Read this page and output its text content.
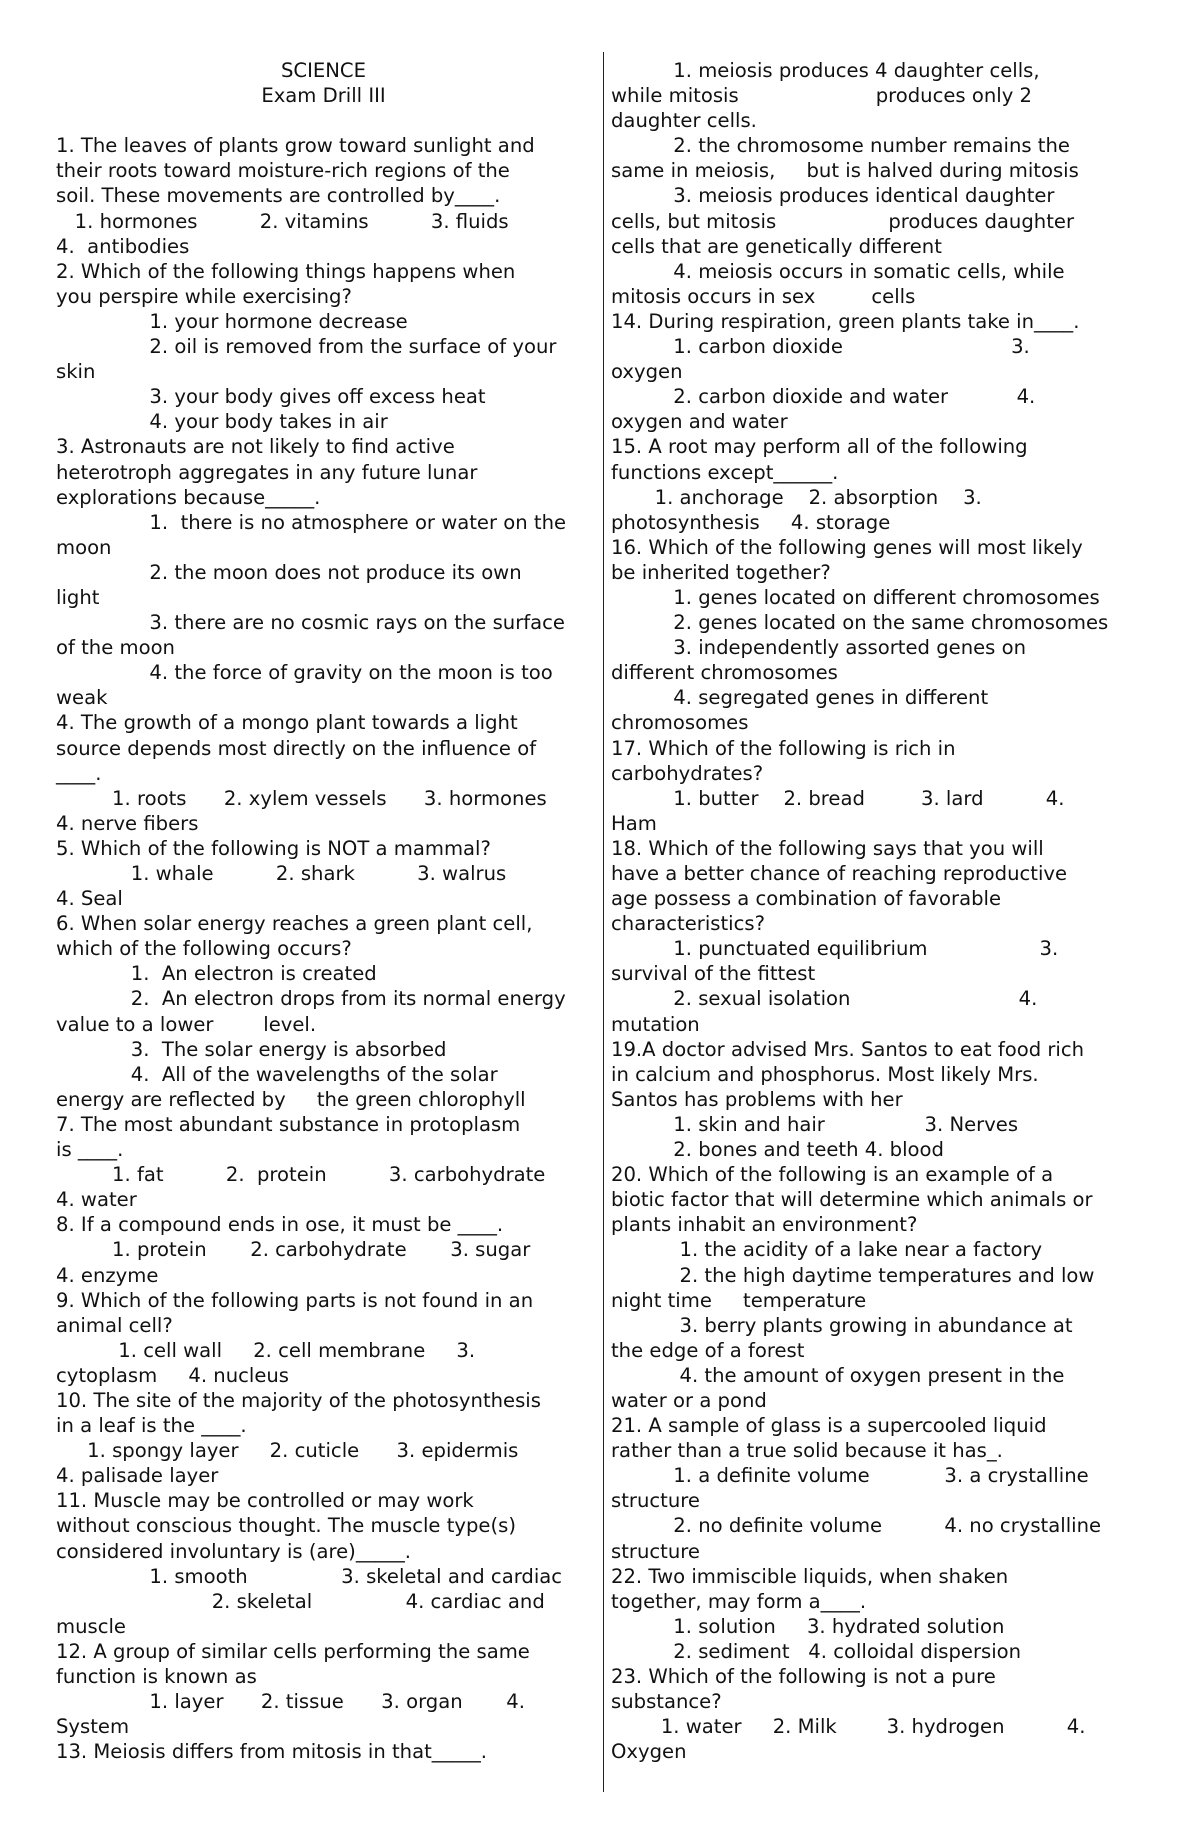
SCIENCE
Exam Drill III
1. The leaves of plants grow toward sunlight and
their roots toward moisture-rich regions of the
soil. These movements are controlled by____.
1. hormones          2. vitamins          3. fluids
4.  antibodies
2. Which of the following things happens when
you perspire while exercising?
1. your hormone decrease
2. oil is removed from the surface of your
skin
3. your body gives off excess heat
4. your body takes in air
3. Astronauts are not likely to find active
heterotroph aggregates in any future lunar
explorations because_____.
1.  there is no atmosphere or water on the
moon
2. the moon does not produce its own
light
3. there are no cosmic rays on the surface
of the moon
4. the force of gravity on the moon is too
weak
4. The growth of a mongo plant towards a light
source depends most directly on the influence of
____.
1. roots      2. xylem vessels      3. hormones
4. nerve fibers
5. Which of the following is NOT a mammal?
1. whale          2. shark          3. walrus
4. Seal
6. When solar energy reaches a green plant cell,
which of the following occurs?
1.  An electron is created
2.  An electron drops from its normal energy
value to a lower        level.
3.  The solar energy is absorbed
4.  All of the wavelengths of the solar
energy are reflected by     the green chlorophyll
7. The most abundant substance in protoplasm
is ____.
1. fat          2.  protein          3. carbohydrate
4. water
8. If a compound ends in ose, it must be ____.
1. protein       2. carbohydrate       3. sugar
4. enzyme
9. Which of the following parts is not found in an
animal cell?
1. cell wall     2. cell membrane     3.
cytoplasm     4. nucleus
10. The site of the majority of the photosynthesis
in a leaf is the ____.
1. spongy layer     2. cuticle      3. epidermis
4. palisade layer
11. Muscle may be controlled or may work
without conscious thought. The muscle type(s)
considered involuntary is (are)_____.
1. smooth               3. skeletal and cardiac
2. skeletal               4. cardiac and
muscle
12. A group of similar cells performing the same
function is known as
1. layer      2. tissue      3. organ       4.
System
13. Meiosis differs from mitosis in that_____.
1. meiosis produces 4 daughter cells,
while mitosis                      produces only 2
daughter cells.
2. the chromosome number remains the
same in meiosis,     but is halved during mitosis
3. meiosis produces identical daughter
cells, but mitosis                  produces daughter
cells that are genetically different
4. meiosis occurs in somatic cells, while
mitosis occurs in sex         cells
14. During respiration, green plants take in____.
1. carbon dioxide                           3.
oxygen
2. carbon dioxide and water           4.
oxygen and water
15. A root may perform all of the following
functions except______.
1. anchorage    2. absorption    3.
photosynthesis     4. storage
16. Which of the following genes will most likely
be inherited together?
1. genes located on different chromosomes
2. genes located on the same chromosomes
3. independently assorted genes on
different chromosomes
4. segregated genes in different
chromosomes
17. Which of the following is rich in
carbohydrates?
1. butter    2. bread         3. lard          4.
Ham
18. Which of the following says that you will
have a better chance of reaching reproductive
age possess a combination of favorable
characteristics?
1. punctuated equilibrium                  3.
survival of the fittest
2. sexual isolation                           4.
mutation
19.A doctor advised Mrs. Santos to eat food rich
in calcium and phosphorus. Most likely Mrs.
Santos has problems with her
1. skin and hair                3. Nerves
2. bones and teeth 4. blood
20. Which of the following is an example of a
biotic factor that will determine which animals or
plants inhabit an environment?
1. the acidity of a lake near a factory
2. the high daytime temperatures and low
night time     temperature
3. berry plants growing in abundance at
the edge of a forest
4. the amount of oxygen present in the
water or a pond
21. A sample of glass is a supercooled liquid
rather than a true solid because it has_.
1. a definite volume            3. a crystalline
structure
2. no definite volume          4. no crystalline
structure
22. Two immiscible liquids, when shaken
together, may form a____.
1. solution     3. hydrated solution
2. sediment   4. colloidal dispersion
23. Which of the following is not a pure
substance?
1. water     2. Milk        3. hydrogen          4.
Oxygen
